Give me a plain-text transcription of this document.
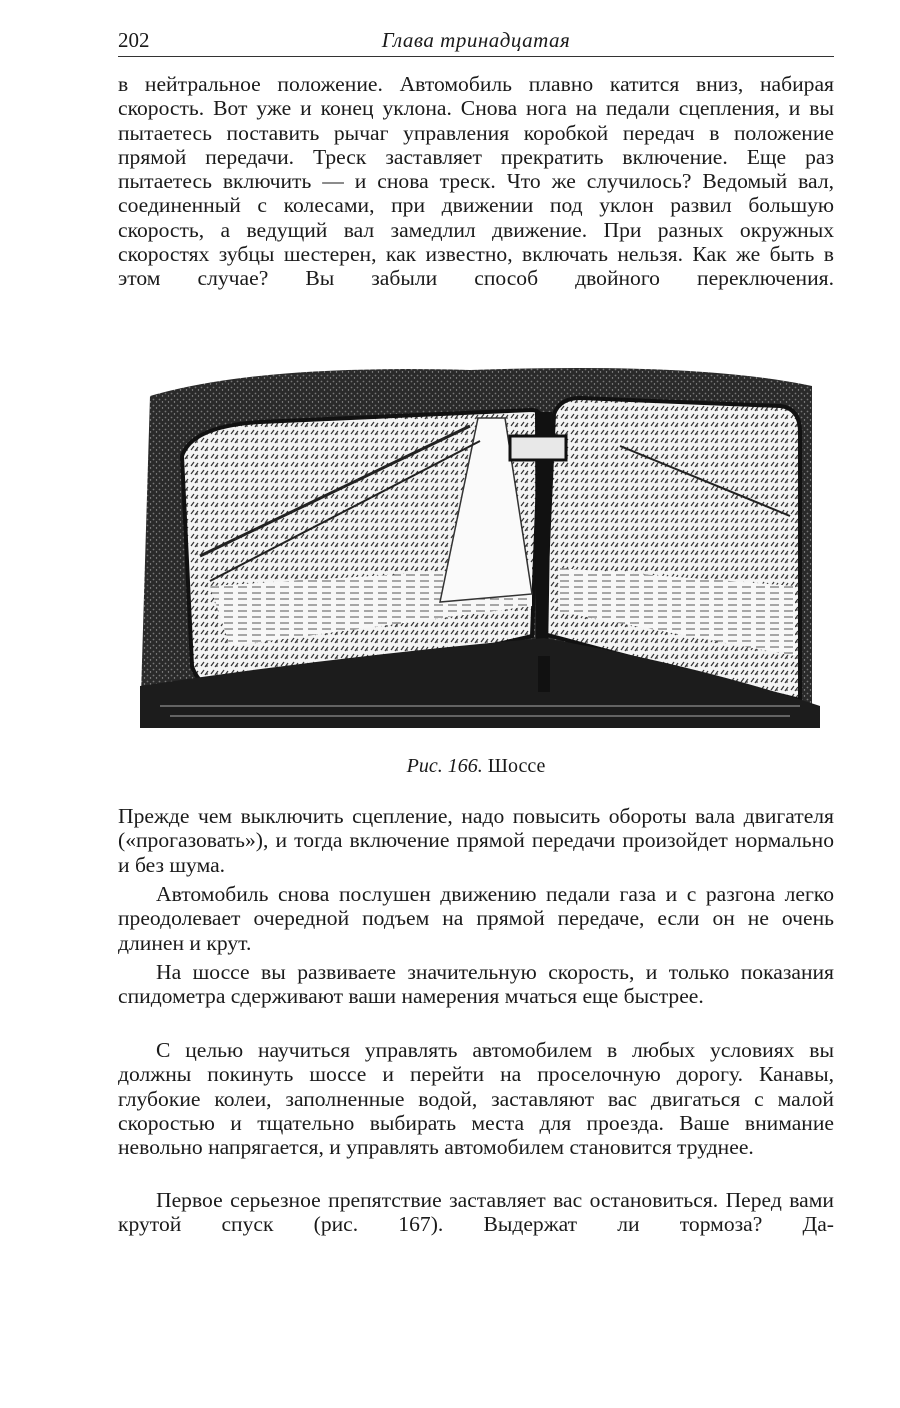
202	Глава тринадцатая

в нейтральное положение. Автомобиль плавно катится вниз, набирая скорость. Вот уже и конец уклона. Снова нога на педали сцепления, и вы пытаетесь поставить рычаг управления коробкой передач в положение прямой передачи. Треск заставляет прекратить включение. Еще раз пытаетесь включить — и снова треск. Что же случилось? Ведомый вал, соединенный с колесами, при движении под уклон развил большую скорость, а ведущий вал замедлил движение. При разных окружных скоростях зубцы шестерен, как известно, включать нельзя. Как же быть в этом случае? Вы забыли способ двойного переключения.

Рис. 166. Шоссе

Прежде чем выключить сцепление, надо повысить обороты вала двигателя («прогазовать»), и тогда включение прямой передачи произойдет нормально и без шума.

Автомобиль снова послушен движению педали газа и с разгона легко преодолевает очередной подъем на прямой передаче, если он не очень длинен и крут.

На шоссе вы развиваете значительную скорость, и только показания спидометра сдерживают ваши намерения мчаться еще быстрее.

С целью научиться управлять автомобилем в любых условиях вы должны покинуть шоссе и перейти на проселочную дорогу. Канавы, глубокие колеи, заполненные водой, заставляют вас двигаться с малой скоростью и тщательно выбирать места для проезда. Ваше внимание невольно напрягается, и управлять автомобилем становится труднее.

Первое серьезное препятствие заставляет вас остановиться. Перед вами крутой спуск (рис. 167). Выдержат ли тормоза? Да-
